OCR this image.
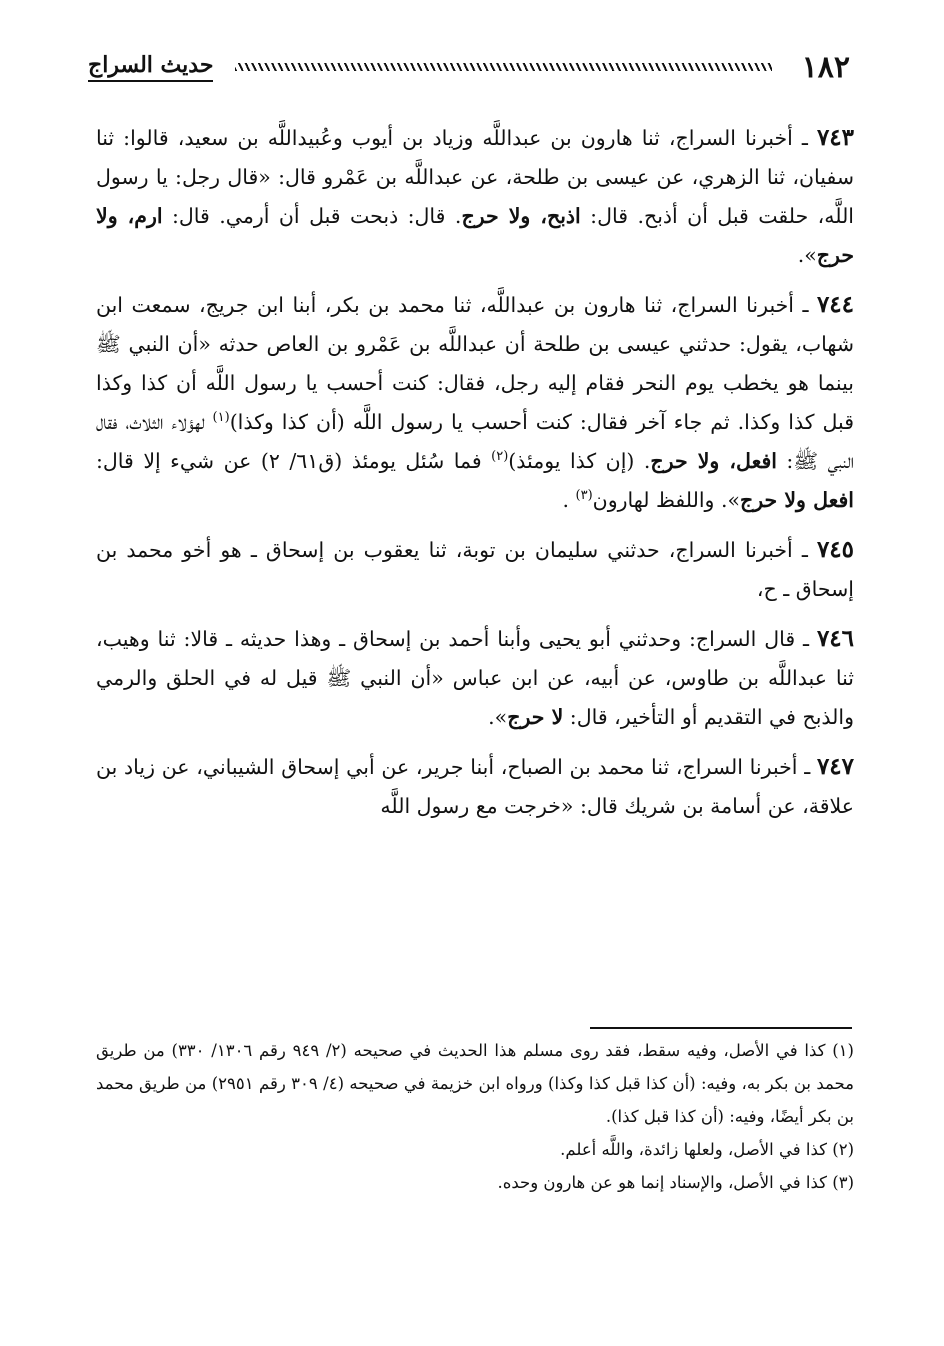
١٨٢
حديث السراج

٧٤٣ ـ أخبرنا السراج، ثنا هارون بن عبداللَّه وزياد بن أيوب وعُبيداللَّه بن سعيد، قالوا: ثنا سفيان، ثنا الزهري، عن عيسى بن طلحة، عن عبداللَّه بن عَمْرو قال: «قال رجل: يا رسول اللَّه، حلقت قبل أن أذبح. قال: اذبح، ولا حرج. قال: ذبحت قبل أن أرمي. قال: ارم، ولا حرج».

٧٤٤ ـ أخبرنا السراج، ثنا هارون بن عبداللَّه، ثنا محمد بن بكر، أبنا ابن جريج، سمعت ابن شهاب، يقول: حدثني عيسى بن طلحة أن عبداللَّه بن عَمْرو بن العاص حدثه «أن النبي ﷺ بينما هو يخطب يوم النحر فقام إليه رجل، فقال: كنت أحسب يا رسول اللَّه أن كذا وكذا قبل كذا وكذا. ثم جاء آخر فقال: كنت أحسب يا رسول اللَّه (أن كذا وكذا)$^{(١)}$ لهؤلاء الثلاث، فقال النبي ﷺ: افعل، ولا حرج. (إن كذا يومئذ)$^{(٢)}$ فما سُئل يومئذ (ق٦١/ ٢) عن شيء إلا قال: افعل ولا حرج». واللفظ لهارون$^{(٣)}$ .

٧٤٥ ـ أخبرنا السراج، حدثني سليمان بن توبة، ثنا يعقوب بن إسحاق ـ هو أخو محمد بن إسحاق ـ ح،

٧٤٦ ـ قال السراج: وحدثني أبو يحيى وأبنا أحمد بن إسحاق ـ وهذا حديثه ـ قالا: ثنا وهيب، ثنا عبداللَّه بن طاوس، عن أبيه، عن ابن عباس «أن النبي ﷺ قيل له في الحلق والرمي والذبح في التقديم أو التأخير، قال: لا حرج».

٧٤٧ ـ أخبرنا السراج، ثنا محمد بن الصباح، أبنا جرير، عن أبي إسحاق الشيباني، عن زياد بن علاقة، عن أسامة بن شريك قال: «خرجت مع رسول اللَّه

(١) كذا في الأصل، وفيه سقط، فقد روى مسلم هذا الحديث في صحيحه (٢/ ٩٤٩ رقم ١٣٠٦/ ٣٣٠) من طريق محمد بن بكر به، وفيه: (أن كذا قبل كذا وكذا) ورواه ابن خزيمة في صحيحه (٤/ ٣٠٩ رقم ٢٩٥١) من طريق محمد بن بكر أيضًا، وفيه: (أن كذا قبل كذا).

(٢) كذا في الأصل، ولعلها زائدة، واللَّه أعلم.

(٣) كذا في الأصل، والإسناد إنما هو عن هارون وحده.
